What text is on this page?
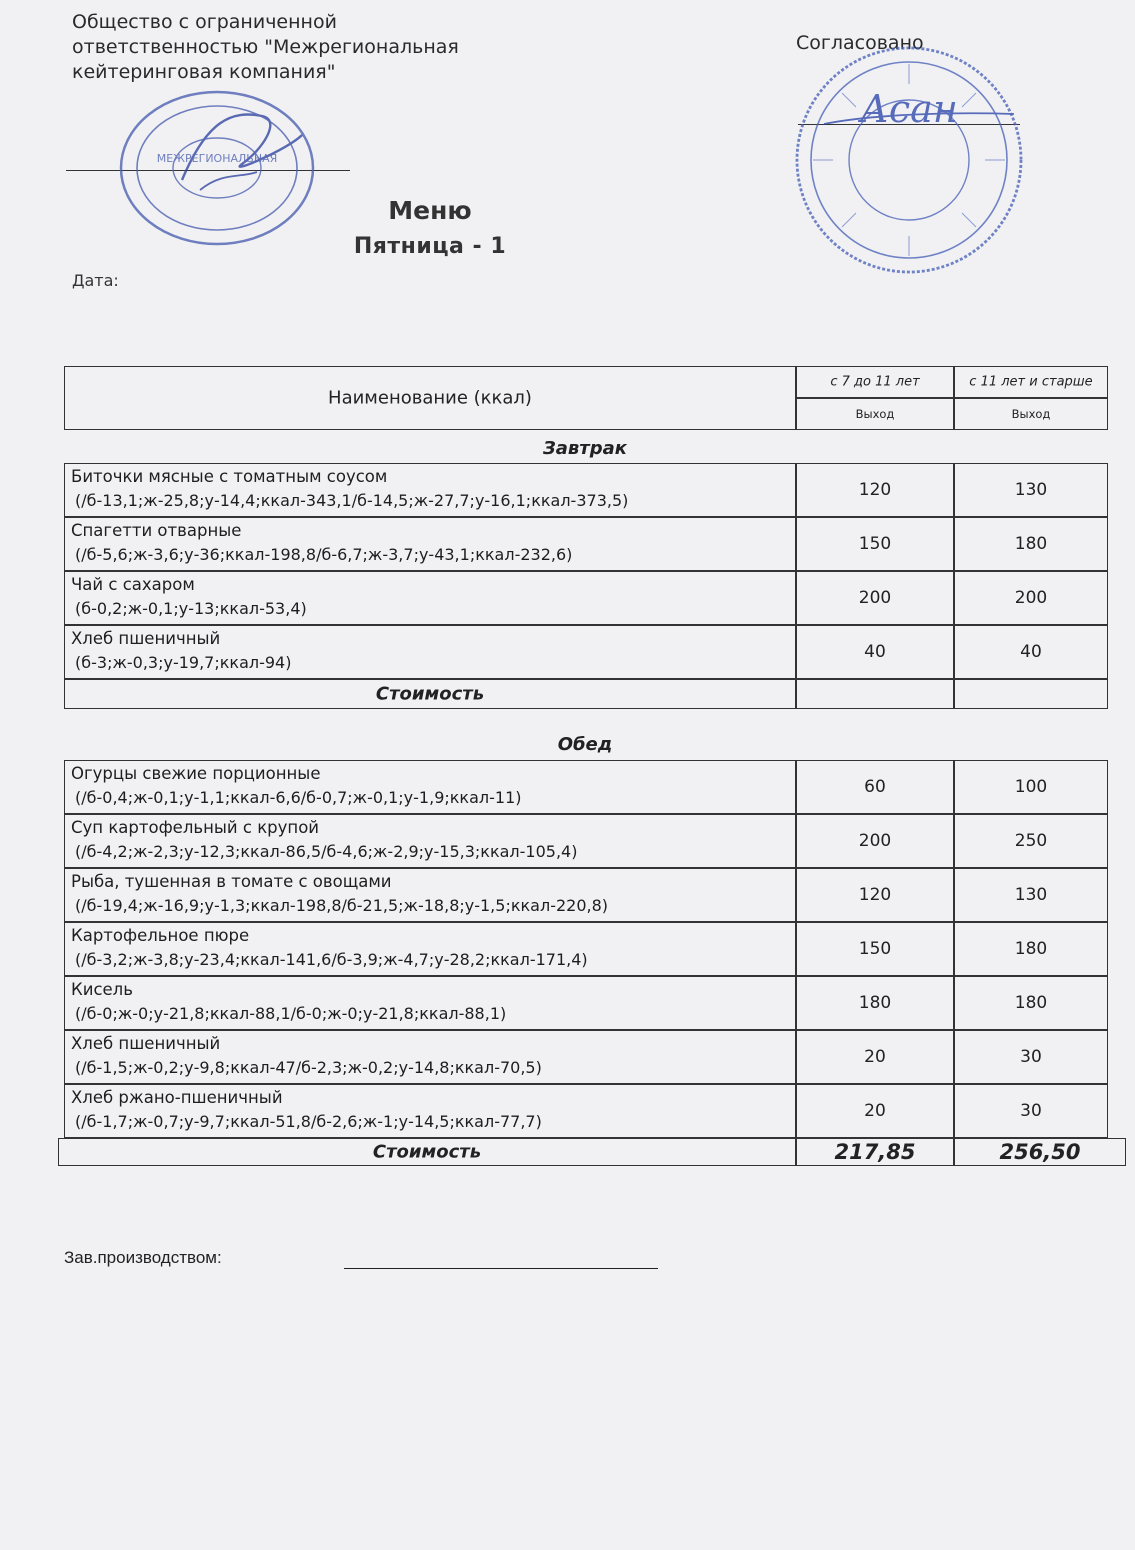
Общество с ограниченной
ответственностью "Межрегиональная
кейтеринговая компания"
МЕЖРЕГИОНАЛЬНАЯ
Согласовано
Асан
Меню
Пятница - 1
Дата:
Наименование (ккал)
с 7 до 11 лет	с 11 лет и старше
Выход	Выход
Завтрак
Биточки мясные с томатным соусом
(/б-13,1;ж-25,8;у-14,4;ккал-343,1/б-14,5;ж-27,7;у-16,1;ккал-373,5)
120	130
Спагетти отварные
(/б-5,6;ж-3,6;у-36;ккал-198,8/б-6,7;ж-3,7;у-43,1;ккал-232,6)
150	180
Чай с сахаром
(б-0,2;ж-0,1;у-13;ккал-53,4)
200	200
Хлеб пшеничный
(б-3;ж-0,3;у-19,7;ккал-94)
40	40
Стоимость
Обед
Огурцы свежие порционные
(/б-0,4;ж-0,1;у-1,1;ккал-6,6/б-0,7;ж-0,1;у-1,9;ккал-11)
60	100
Суп картофельный с крупой
(/б-4,2;ж-2,3;у-12,3;ккал-86,5/б-4,6;ж-2,9;у-15,3;ккал-105,4)
200	250
Рыба, тушенная в томате с овощами
(/б-19,4;ж-16,9;у-1,3;ккал-198,8/б-21,5;ж-18,8;у-1,5;ккал-220,8)
120	130
Картофельное пюре
(/б-3,2;ж-3,8;у-23,4;ккал-141,6/б-3,9;ж-4,7;у-28,2;ккал-171,4)
150	180
Кисель
(/б-0;ж-0;у-21,8;ккал-88,1/б-0;ж-0;у-21,8;ккал-88,1)
180	180
Хлеб пшеничный
(/б-1,5;ж-0,2;у-9,8;ккал-47/б-2,3;ж-0,2;у-14,8;ккал-70,5)
20	30
Хлеб ржано-пшеничный
(/б-1,7;ж-0,7;у-9,7;ккал-51,8/б-2,6;ж-1;у-14,5;ккал-77,7)
20	30
Стоимость	217,85	256,50
Зав.производством:
